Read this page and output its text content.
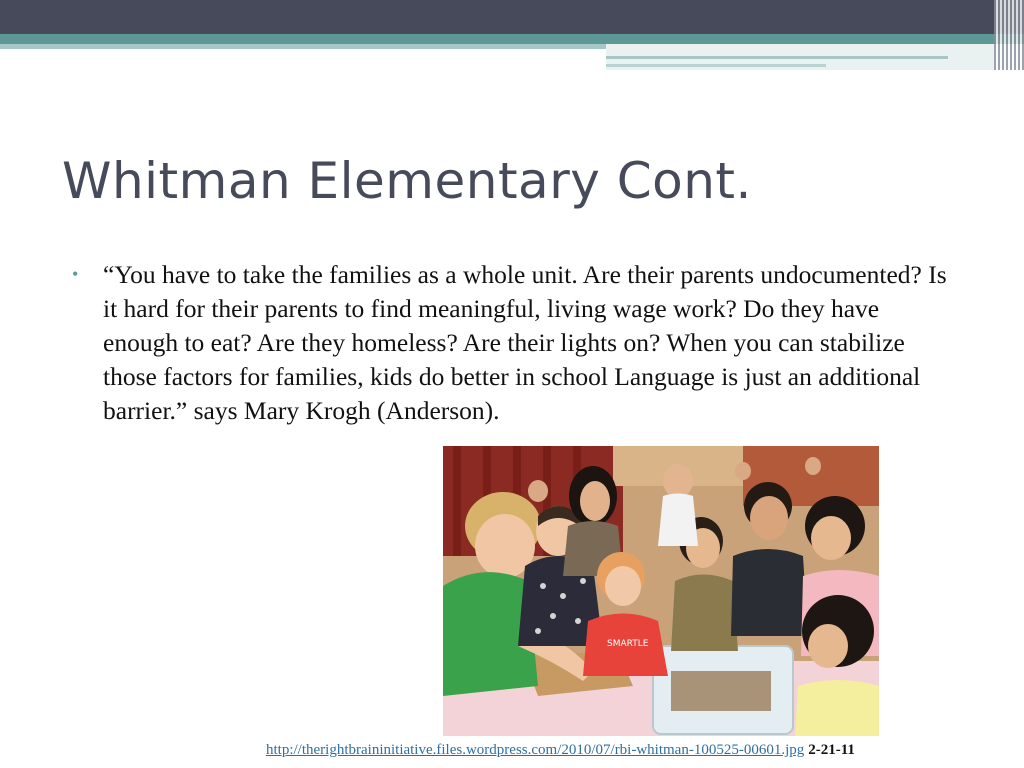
Whitman Elementary Cont.
• “You have to take the families as a whole unit. Are their parents undocumented? Is it hard for their parents to find meaningful, living wage work? Do they have enough to eat? Are they homeless? Are their lights on? When you can stabilize those factors for families, kids do better in school Language is just an additional barrier.” says Mary Krogh (Anderson).
SMARTLE
http://therightbraininitiative.files.wordpress.com/2010/07/rbi-whitman-100525-00601.jpg 2-21-11
